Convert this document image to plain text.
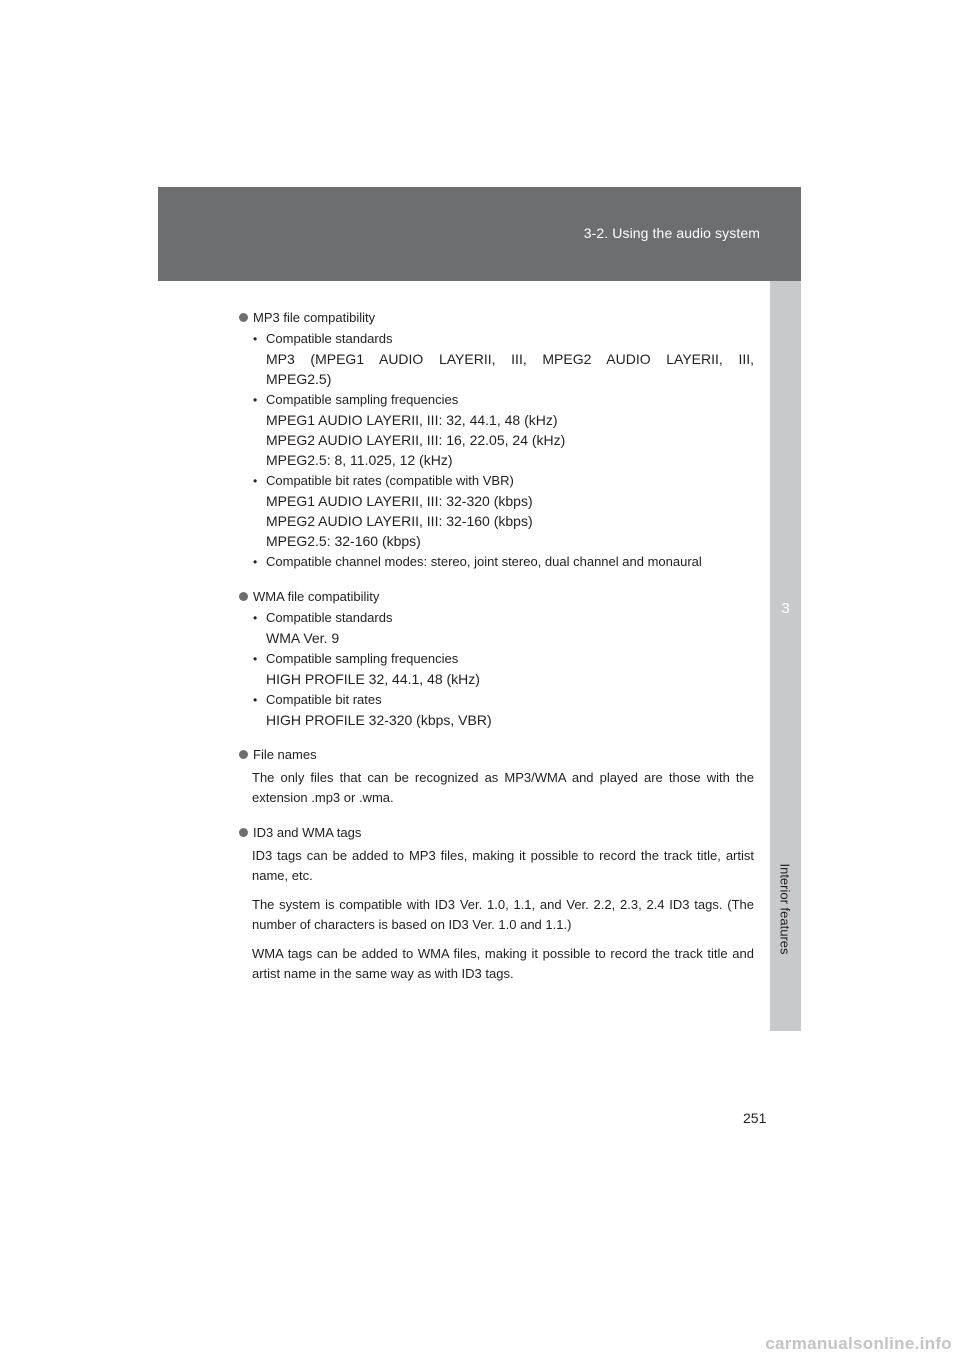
3-2. Using the audio system
3
Interior features
MP3 file compatibility
• Compatible standards
MP3 (MPEG1 AUDIO LAYERII, III, MPEG2 AUDIO LAYERII, III,
MPEG2.5)
• Compatible sampling frequencies
MPEG1 AUDIO LAYERII, III: 32, 44.1, 48 (kHz)
MPEG2 AUDIO LAYERII, III: 16, 22.05, 24 (kHz)
MPEG2.5: 8, 11.025, 12 (kHz)
• Compatible bit rates (compatible with VBR)
MPEG1 AUDIO LAYERII, III: 32-320 (kbps)
MPEG2 AUDIO LAYERII, III: 32-160 (kbps)
MPEG2.5: 32-160 (kbps)
• Compatible channel modes: stereo, joint stereo, dual channel and monaural
WMA file compatibility
• Compatible standards
WMA Ver. 9
• Compatible sampling frequencies
HIGH PROFILE 32, 44.1, 48 (kHz)
• Compatible bit rates
HIGH PROFILE 32-320 (kbps, VBR)
File names
The only files that can be recognized as MP3/WMA and played are those with the extension .mp3 or .wma.
ID3 and WMA tags
ID3 tags can be added to MP3 files, making it possible to record the track title, artist name, etc.
The system is compatible with ID3 Ver. 1.0, 1.1, and Ver. 2.2, 2.3, 2.4 ID3 tags. (The number of characters is based on ID3 Ver. 1.0 and 1.1.)
WMA tags can be added to WMA files, making it possible to record the track title and artist name in the same way as with ID3 tags.
251
carmanualsonline.info
